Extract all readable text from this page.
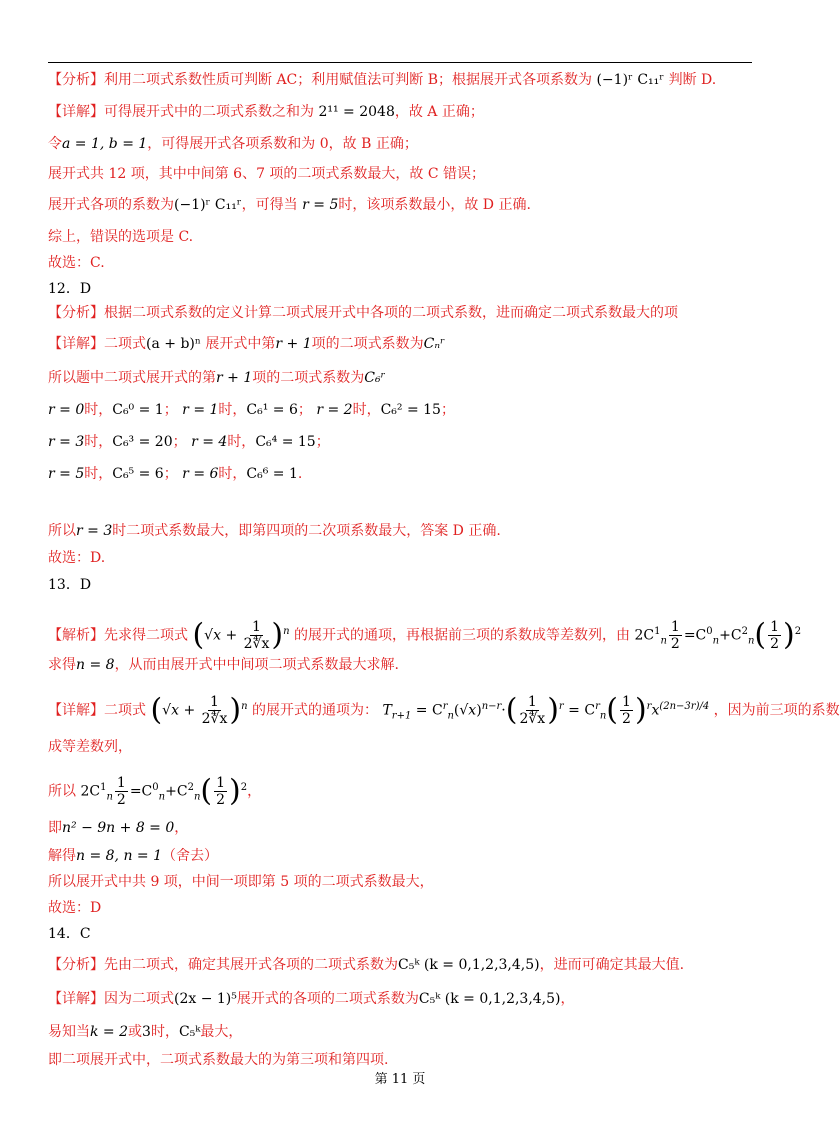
【分析】利用二项式系数性质可判断 AC；利用赋值法可判断 B；根据展开式各项系数为 (−1)ʳ C₁₁ʳ 判断 D.
【详解】可得展开式中的二项式系数之和为 2¹¹ = 2048，故 A 正确；
令a = 1, b = 1，可得展开式各项系数和为 0，故 B 正确；
展开式共 12 项，其中中间第 6、7 项的二项式系数最大，故 C 错误；
展开式各项的系数为(−1)ʳ C₁₁ʳ，可得当 r = 5时，该项系数最小，故 D 正确.
综上，错误的选项是 C.
故选：C.
12．D
【分析】根据二项式系数的定义计算二项式展开式中各项的二项式系数，进而确定二项式系数最大的项
【详解】二项式(a + b)ⁿ 展开式中第r + 1项的二项式系数为Cₙʳ
所以题中二项式展开式的第r + 1项的二项式系数为C₆ʳ
r = 0时，C₆⁰ = 1； r = 1时，C₆¹ = 6； r = 2时，C₆² = 15；
r = 3时，C₆³ = 20； r = 4时，C₆⁴ = 15；
r = 5时，C₆⁵ = 6； r = 6时，C₆⁶ = 1.
所以r = 3时二项式系数最大，即第四项的二次项系数最大，答案 D 正确.
故选：D.
13．D
【解析】先求得二项式 $(√x + \frac{1}{2∜x} )^n$ 的展开式的通项，再根据前三项的系数成等差数列，由 $2C^1_n \frac{1}{2} =C^0_n+C^2_n( \frac{1}{2} )^2$
求得n = 8，从而由展开式中中间项二项式系数最大求解.
【详解】二项式 $(√x + \frac{1}{2∜x} )^n$ 的展开式的通项为： $T_{r+1} = C^r_n(√x)^{n-r}\cdot( \frac{1}{2∜x} )^r = C^r_n( \frac{1}{2} )^rx^{(2n-3r)/4}$ ，因为前三项的系数
成等差数列，
所以 $2C^1_n \frac{1}{2} =C^0_n+C^2_n( \frac{1}{2} )^2$，
即n² − 9n + 8 = 0，
解得n = 8, n = 1（舍去）
所以展开式中共 9 项，中间一项即第 5 项的二项式系数最大，
故选：D
14．C
【分析】先由二项式，确定其展开式各项的二项式系数为C₅ᵏ (k = 0,1,2,3,4,5)，进而可确定其最大值.
【详解】因为二项式(2x − 1)⁵展开式的各项的二项式系数为C₅ᵏ (k = 0,1,2,3,4,5)，
易知当k = 2或3时，C₅ᵏ最大，
即二项展开式中，二项式系数最大的为第三项和第四项.
第 11 页
